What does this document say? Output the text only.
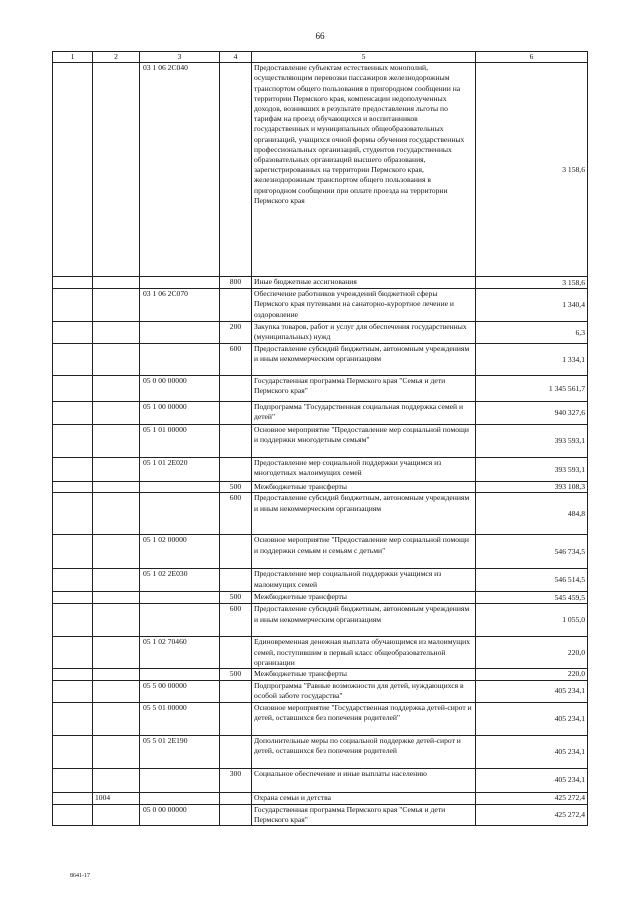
66
1	2	3	4	5	6
		03 1 06 2С040		Предоставление субъектам естественных монополий, осуществляющим перевозки пассажиров железнодорожным транспортом общего пользования в пригородном сообщении на территории Пермского края, компенсации недополученных доходов, возникших в результате предоставления льготы по тарифам на проезд обучающихся и воспитанников государственных и муниципальных общеобразовательных организаций, учащихся очной формы обучения государственных профессиональных организаций, студентов государственных образовательных организаций высшего образования, зарегистрированных на территории Пермского края, железнодорожным транспортом общего пользования в пригородном сообщении при оплате проезда на территории Пермского края	3 158,6
			800	Иные бюджетные ассигнования	3 158,6
		03 1 06 2С070		Обеспечение работников учреждений бюджетной сферы Пермского края путевками на санаторно-курортное лечение и оздоровление	1 340,4
			200	Закупка товаров, работ и услуг для обеспечения государственных (муниципальных) нужд	6,3
			600	Предоставление субсидий бюджетным, автономным учреждениям и иным некоммерческим организациям	1 334,1
		05 0 00 00000		Государственная программа Пермского края "Семья и дети Пермского края"	1 345 561,7
		05 1 00 00000		Подпрограмма "Государственная социальная поддержка семей и детей"	940 327,6
		05 1 01 00000		Основное мероприятие "Предоставление мер социальной помощи и поддержки многодетным семьям"	393 593,1
		05 1 01 2Е020		Предоставление мер социальной поддержки учащимся из многодетных малоимущих семей	393 593,1
			500	Межбюджетные трансферты	393 108,3
			600	Предоставление субсидий бюджетным, автономным учреждениям и иным некоммерческим организациям	484,8
		05 1 02 00000		Основное мероприятие "Предоставление мер социальной помощи и поддержки семьям и семьям с детьми"	546 734,5
		05 1 02 2Е030		Предоставление мер социальной поддержки учащимся из малоимущих семей	546 514,5
			500	Межбюджетные трансферты	545 459,5
			600	Предоставление субсидий бюджетным, автономным учреждениям и иным некоммерческим организациям	1 055,0
		05 1 02 70460		Единовременная денежная выплата обучающимся из малоимущих семей, поступившим в первый класс общеобразовательной организации	220,0
			500	Межбюджетные трансферты	220,0
		05 5 00 00000		Подпрограмма "Равные возможности для детей, нуждающихся в особой заботе государства"	405 234,1
		05 5 01 00000		Основное мероприятие "Государственная поддержка детей-сирот и детей, оставшихся без попечения родителей"	405 234,1
		05 5 01 2Е190		Дополнительные меры по социальной поддержке детей-сирот и детей, оставшихся без попечения родителей	405 234,1
			300	Социальное обеспечение и иные выплаты населению	405 234,1
	1004			Охрана семьи и детства	425 272,4
		05 0 00 00000		Государственная программа Пермского края "Семья и дети Пермского края"	425 272,4
8641-17
